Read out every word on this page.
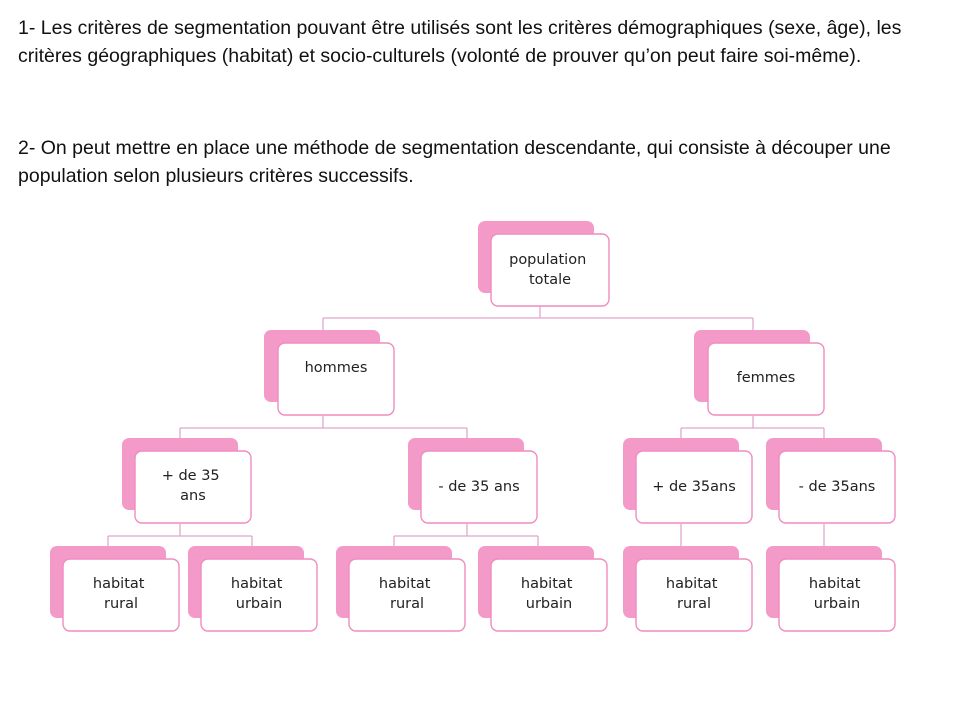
1- Les critères de segmentation pouvant être utilisés sont les critères démographiques (sexe, âge), les critères géographiques (habitat) et socio-culturels (volonté de prouver qu’on peut faire soi-même).

2- On peut mettre en place une méthode de segmentation descendante, qui consiste à découper une population selon plusieurs critères successifs.

population totale
hommes
femmes
+ de 35 ans
- de 35 ans	+ de 35ans	- de 35ans
habitat rural
habitat urbain
habitat rural
habitat urbain
habitat rural
habitat urbain
